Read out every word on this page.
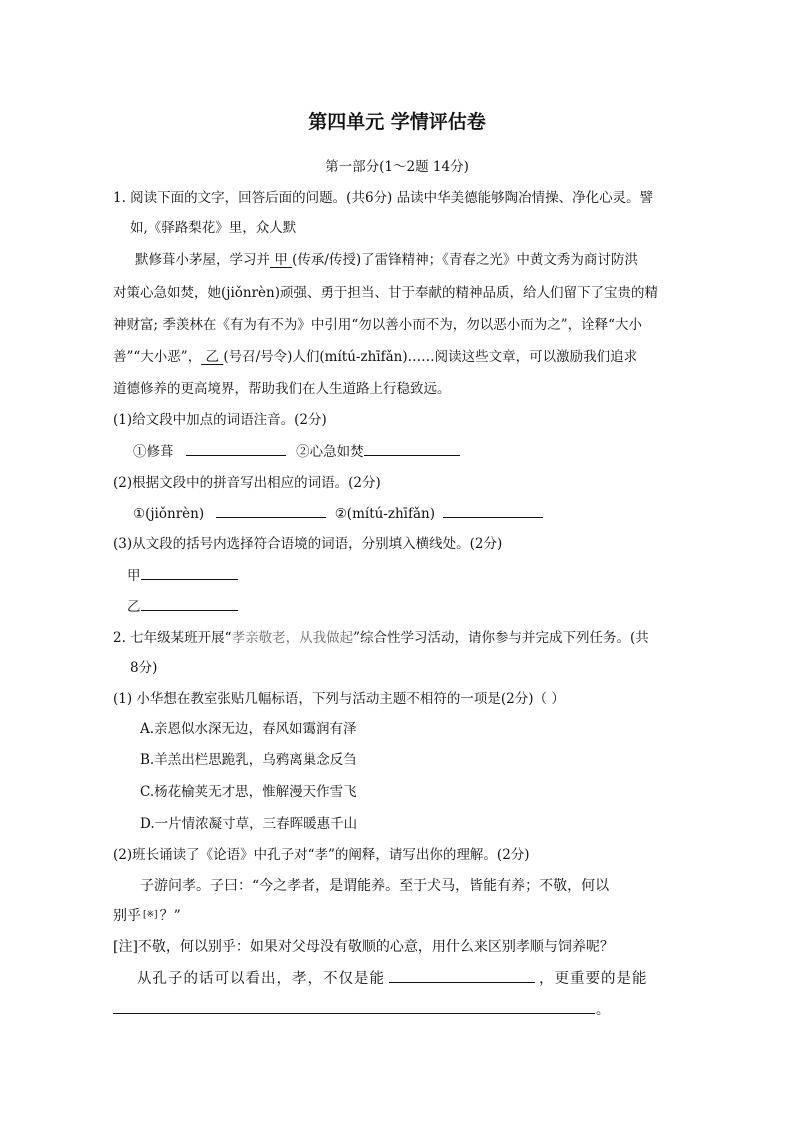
第四单元 学情评估卷
第一部分(1～2题 14分)
1. 阅读下面的文字，回答后面的问题。(共6分) 品读中华美德能够陶冶情操、净化心灵。譬
如,《驿路梨花》里，众人默
默修葺小茅屋，学习并 甲 (传承/传授)了雷锋精神；《青春之光》中黄文秀为商讨防洪
对策心急如焚，她(jiǒnrèn)顽强、勇于担当、甘于奉献的精神品质，给人们留下了宝贵的精
神财富; 季羡林在《有为有不为》中引用“勿以善小而不为，勿以恶小而为之”，诠释“大小
善”“大小恶”， 乙 (号召/号令)人们(mítú-zhīfǎn)……阅读这些文章，可以激励我们追求
道德修养的更高境界，帮助我们在人生道路上行稳致远。
(1)给文段中加点的词语注音。(2分)
①修葺	②心急如焚
(2)根据文段中的拼音写出相应的词语。(2分)
①(jiǒnrèn)	②(mítú-zhīfǎn)
(3)从文段的括号内选择符合语境的词语，分别填入横线处。(2分)
甲
乙
2. 七年级某班开展“孝亲敬老，从我做起”综合性学习活动，请你参与并完成下列任务。(共
8分)
(1) 小华想在教室张贴几幅标语，下列与活动主题不相符的一项是(2分)（ ）
A.亲恩似水深无边，春风如霭润有泽
B.羊羔出栏思跪乳，乌鸦离巢念反刍
C.杨花榆荚无才思，惟解漫天作雪飞
D.一片情浓凝寸草，三春晖暖惠千山
(2)班长诵读了《论语》中孔子对“孝”的阐释，请写出你的理解。(2分)
子游问孝。子曰：“今之孝者，是谓能养。至于犬马，皆能有养；不敬，何以
别乎 [※] ？”
[注]不敬，何以别乎：如果对父母没有敬顺的心意，用什么来区别孝顺与饲养呢？
从孔子的话可以看出，孝，不仅是能	，更重要的是能
。
